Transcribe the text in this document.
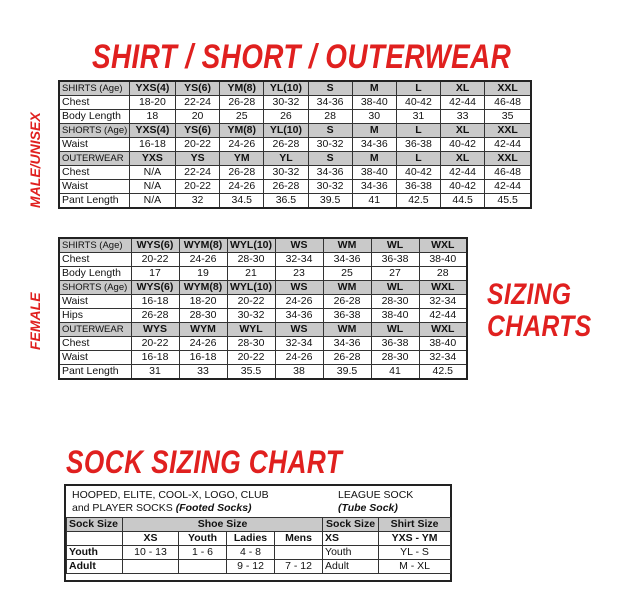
SHIRT / SHORT / OUTERWEAR
SIZING
CHARTS
SOCK SIZING CHART
MALE/UNISEX
FEMALE
SHIRTS (Age)	YXS(4)	YS(6)	YM(8)	YL(10)	S	M	L	XL	XXL
Chest	18-20	22-24	26-28	30-32	34-36	38-40	40-42	42-44	46-48
Body Length	18	20	25	26	28	30	31	33	35
SHORTS (Age)	YXS(4)	YS(6)	YM(8)	YL(10)	S	M	L	XL	XXL
Waist	16-18	20-22	24-26	26-28	30-32	34-36	36-38	40-42	42-44
OUTERWEAR	YXS	YS	YM	YL	S	M	L	XL	XXL
Chest	N/A	22-24	26-28	30-32	34-36	38-40	40-42	42-44	46-48
Waist	N/A	20-22	24-26	26-28	30-32	34-36	36-38	40-42	42-44
Pant Length	N/A	32	34.5	36.5	39.5	41	42.5	44.5	45.5
SHIRTS (Age)	WYS(6)	WYM(8)	WYL(10)	WS	WM	WL	WXL
Chest	20-22	24-26	28-30	32-34	34-36	36-38	38-40
Body Length	17	19	21	23	25	27	28
SHORTS (Age)	WYS(6)	WYM(8)	WYL(10)	WS	WM	WL	WXL
Waist	16-18	18-20	20-22	24-26	26-28	28-30	32-34
Hips	26-28	28-30	30-32	34-36	36-38	38-40	42-44
OUTERWEAR	WYS	WYM	WYL	WS	WM	WL	WXL
Chest	20-22	24-26	28-30	32-34	34-36	36-38	38-40
Waist	16-18	16-18	20-22	24-26	26-28	28-30	32-34
Pant Length	31	33	35.5	38	39.5	41	42.5
HOOPED, ELITE, COOL-X, LOGO, CLUB
and PLAYER SOCKS (Footed Socks)
LEAGUE SOCK
(Tube Sock)
Sock Size	Shoe Size				Sock Size	Shirt Size
	XS	Youth	Ladies	Mens	XS	YXS - YM
Youth	10 - 13	1 - 6	4 - 8		Youth	YL - S
Adult			9 - 12	7 - 12	Adult	M - XL
